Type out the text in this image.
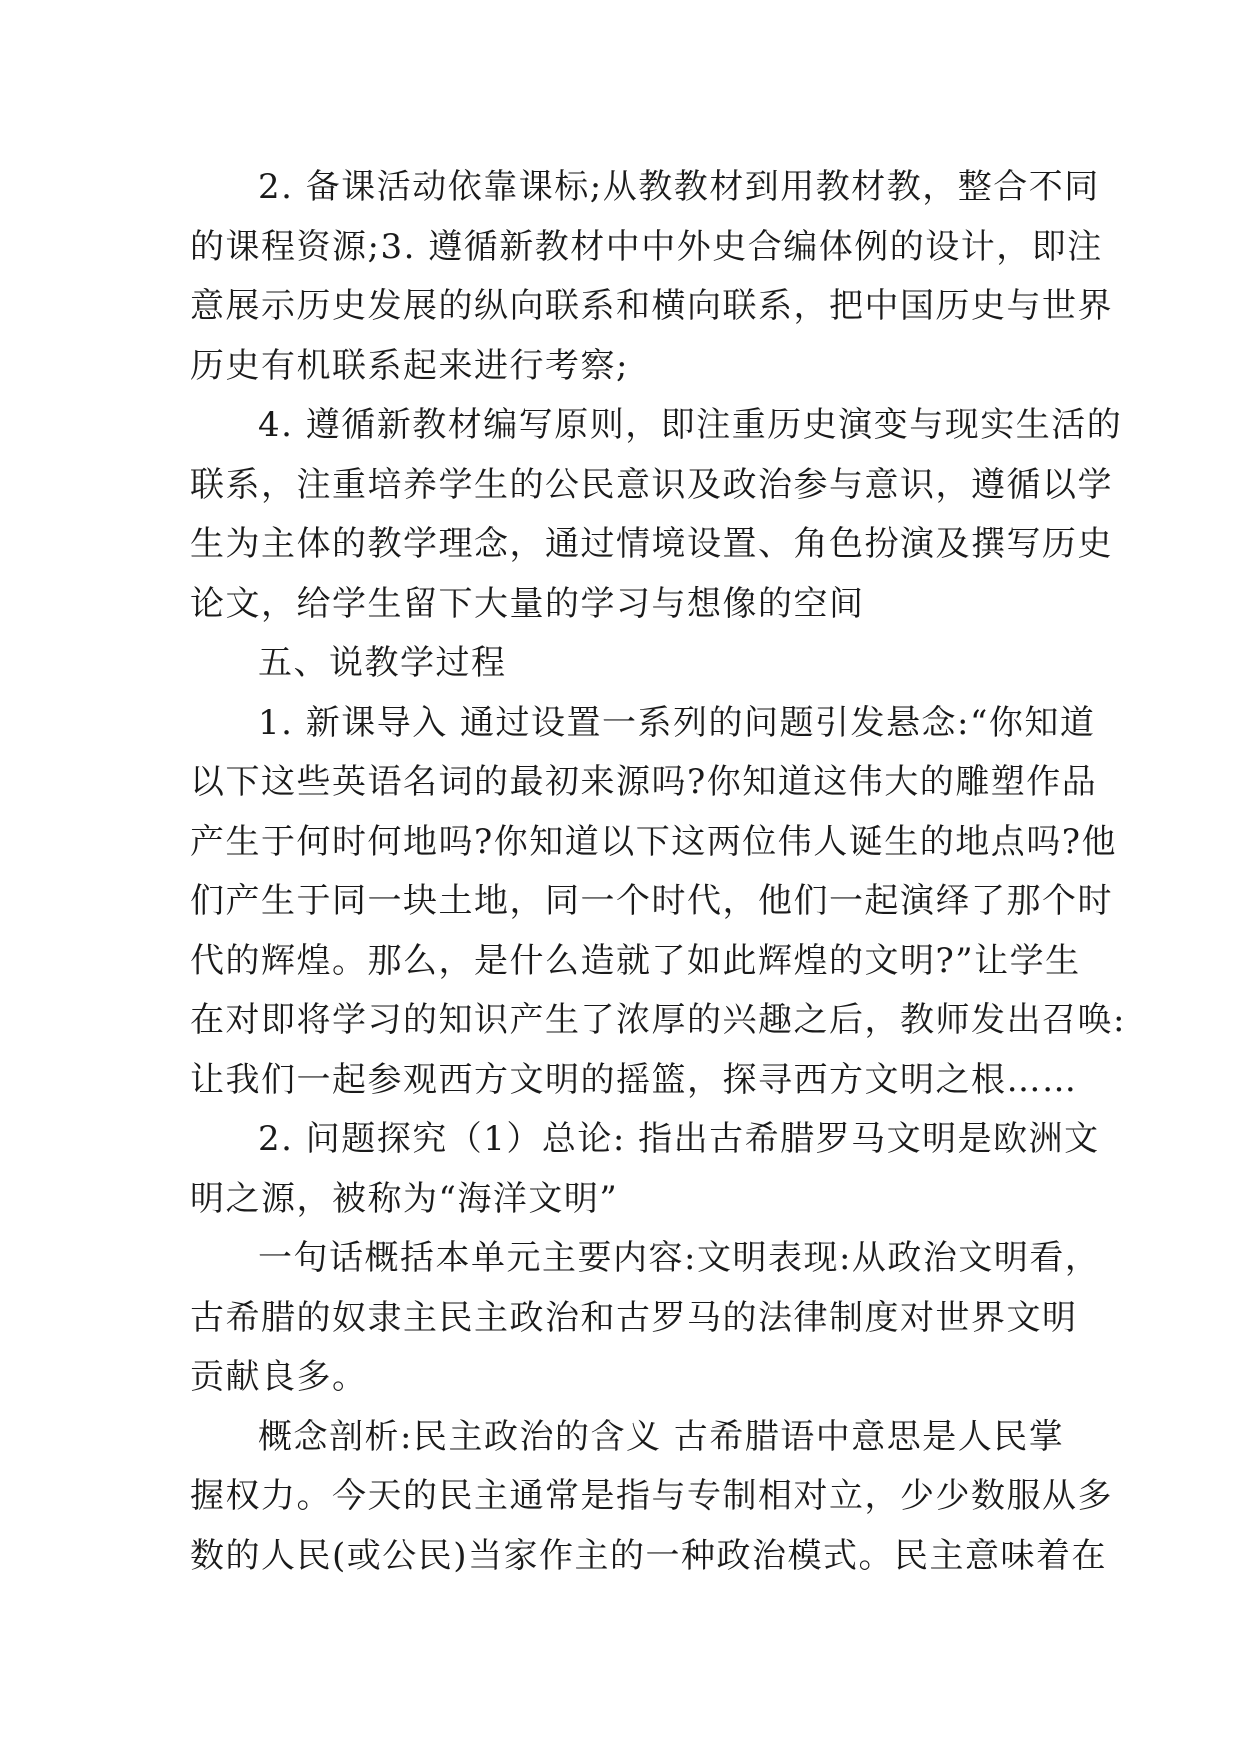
2. 备课活动依靠课标;从教教材到用教材教，整合不同
的课程资源;3. 遵循新教材中中外史合编体例的设计，即注
意展示历史发展的纵向联系和横向联系，把中国历史与世界
历史有机联系起来进行考察;
4. 遵循新教材编写原则，即注重历史演变与现实生活的
联系，注重培养学生的公民意识及政治参与意识，遵循以学
生为主体的教学理念，通过情境设置、角色扮演及撰写历史
论文，给学生留下大量的学习与想像的空间
五、说教学过程
1. 新课导入 通过设置一系列的问题引发悬念:“你知道
以下这些英语名词的最初来源吗?你知道这伟大的雕塑作品
产生于何时何地吗?你知道以下这两位伟人诞生的地点吗?他
们产生于同一块土地，同一个时代，他们一起演绎了那个时
代的辉煌。那么，是什么造就了如此辉煌的文明?”让学生
在对即将学习的知识产生了浓厚的兴趣之后，教师发出召唤:
让我们一起参观西方文明的摇篮，探寻西方文明之根……
2. 问题探究（1）总论: 指出古希腊罗马文明是欧洲文
明之源，被称为“海洋文明”
一句话概括本单元主要内容:文明表现:从政治文明看，
古希腊的奴隶主民主政治和古罗马的法律制度对世界文明
贡献良多。
概念剖析:民主政治的含义 古希腊语中意思是人民掌
握权力。今天的民主通常是指与专制相对立，少少数服从多
数的人民(或公民)当家作主的一种政治模式。民主意味着在
